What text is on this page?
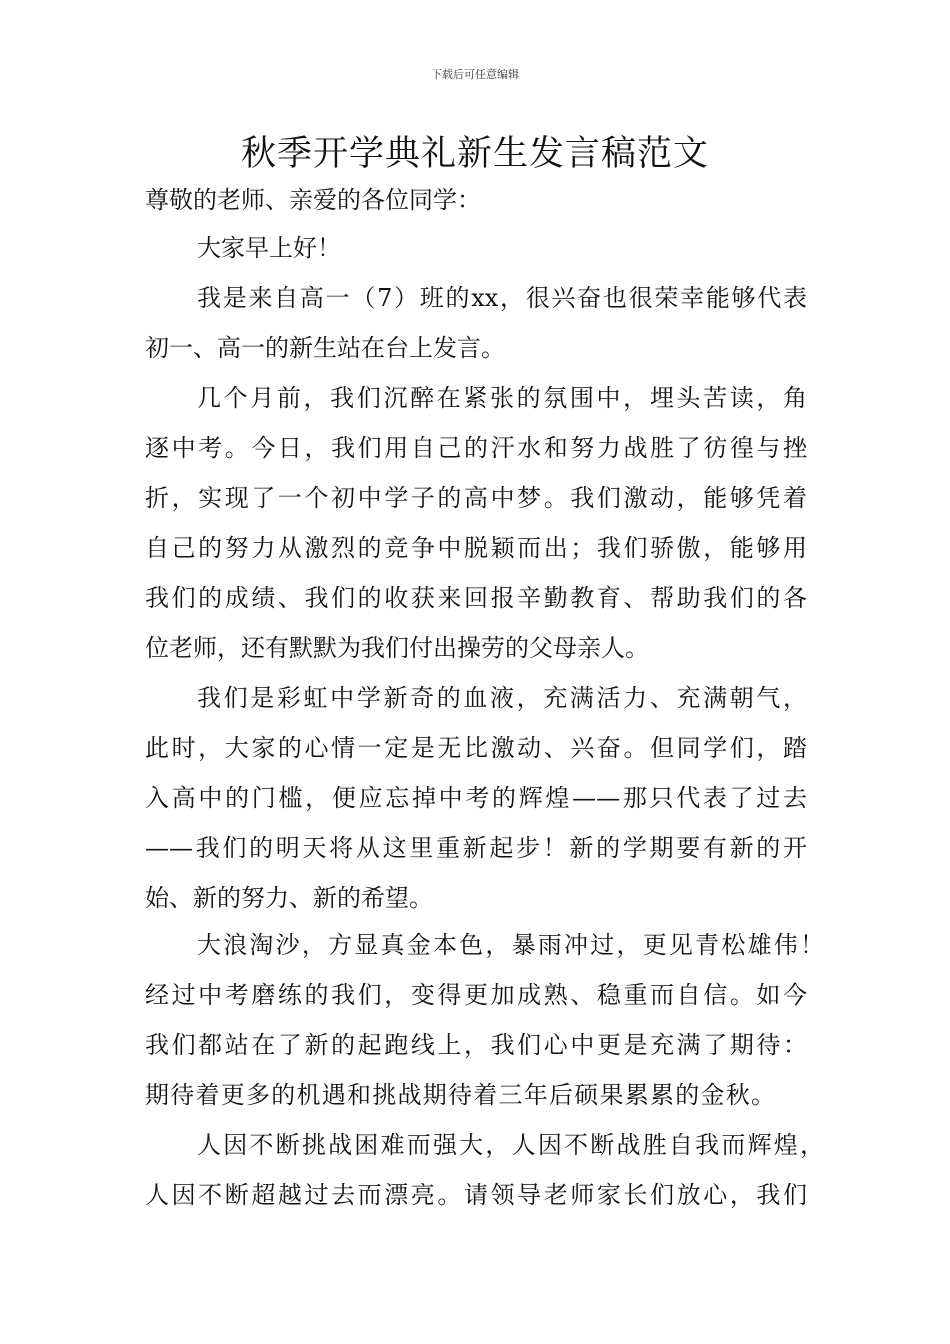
下载后可任意编辑
秋季开学典礼新生发言稿范文
尊敬的老师、亲爱的各位同学：
大家早上好！
我是来自高一（7）班的xx，很兴奋也很荣幸能够代表
初一、高一的新生站在台上发言。
几个月前，我们沉醉在紧张的氛围中，埋头苦读，角
逐中考。今日，我们用自己的汗水和努力战胜了彷徨与挫
折，实现了一个初中学子的高中梦。我们激动，能够凭着
自己的努力从激烈的竞争中脱颖而出；我们骄傲，能够用
我们的成绩、我们的收获来回报辛勤教育、帮助我们的各
位老师，还有默默为我们付出操劳的父母亲人。
我们是彩虹中学新奇的血液，充满活力、充满朝气，
此时，大家的心情一定是无比激动、兴奋。但同学们，踏
入高中的门槛，便应忘掉中考的辉煌——那只代表了过去
——我们的明天将从这里重新起步！新的学期要有新的开
始、新的努力、新的希望。
大浪淘沙，方显真金本色，暴雨冲过，更见青松雄伟！
经过中考磨练的我们，变得更加成熟、稳重而自信。如今
我们都站在了新的起跑线上，我们心中更是充满了期待：
期待着更多的机遇和挑战期待着三年后硕果累累的金秋。
人因不断挑战困难而强大，人因不断战胜自我而辉煌，
人因不断超越过去而漂亮。请领导老师家长们放心，我们
